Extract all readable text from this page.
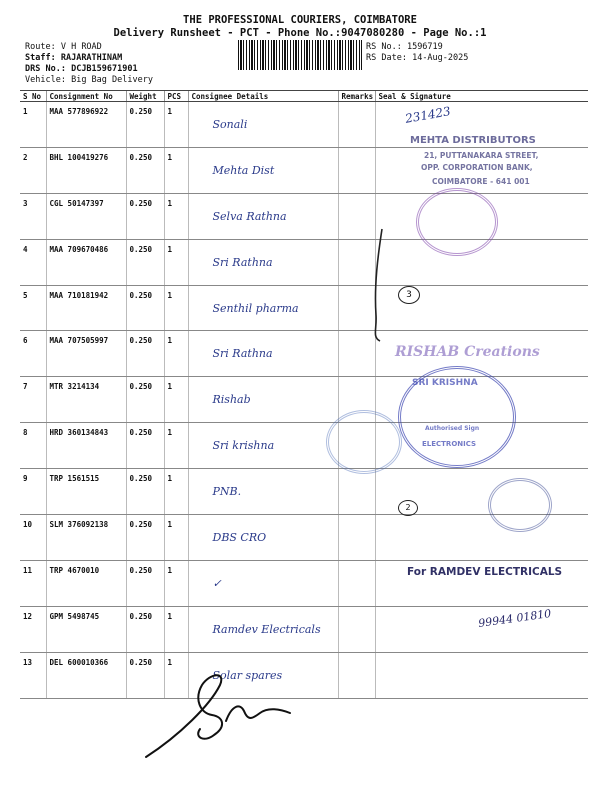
THE PROFESSIONAL COURIERS, COIMBATORE
Delivery Runsheet - PCT - Phone No.:9047080280 - Page No.:1
Route: V H ROAD
Staff: RAJARATHINAM
DRS No.: DCJB159671901
Vehicle: Big Bag Delivery
RS No.: 1596719
RS Date: 14-Aug-2025
S No	Consignment No	Weight	PCS	Consignee Details	Remarks	Seal & Signature
1	MAA 577896922	0.250	1	Sonali		

2	BHL 100419276	0.250	1	Mehta Dist		

3	CGL 50147397	0.250	1	Selva Rathna		

4	MAA 709670486	0.250	1	Sri Rathna		

5	MAA 710181942	0.250	1	Senthil pharma		

6	MAA 707505997	0.250	1	Sri Rathna		

7	MTR 3214134	0.250	1	Rishab		

8	HRD 360134843	0.250	1	Sri krishna		

9	TRP 1561515	0.250	1	PNB.		

10	SLM 376092138	0.250	1	DBS CRO		

11	TRP 4670010	0.250	1	✓		

12	GPM 5498745	0.250	1	Ramdev Electricals		

13	DEL 600010366	0.250	1	Solar spares		

MEHTA DISTRIBUTORS
21, PUTTANAKARA STREET,
OPP. CORPORATION BANK,
COIMBATORE - 641 001
231423
3
RISHAB Creations
SRI KRISHNA
Authorised Sign
ELECTRONICS
2
For RAMDEV ELECTRICALS
99944 01810
